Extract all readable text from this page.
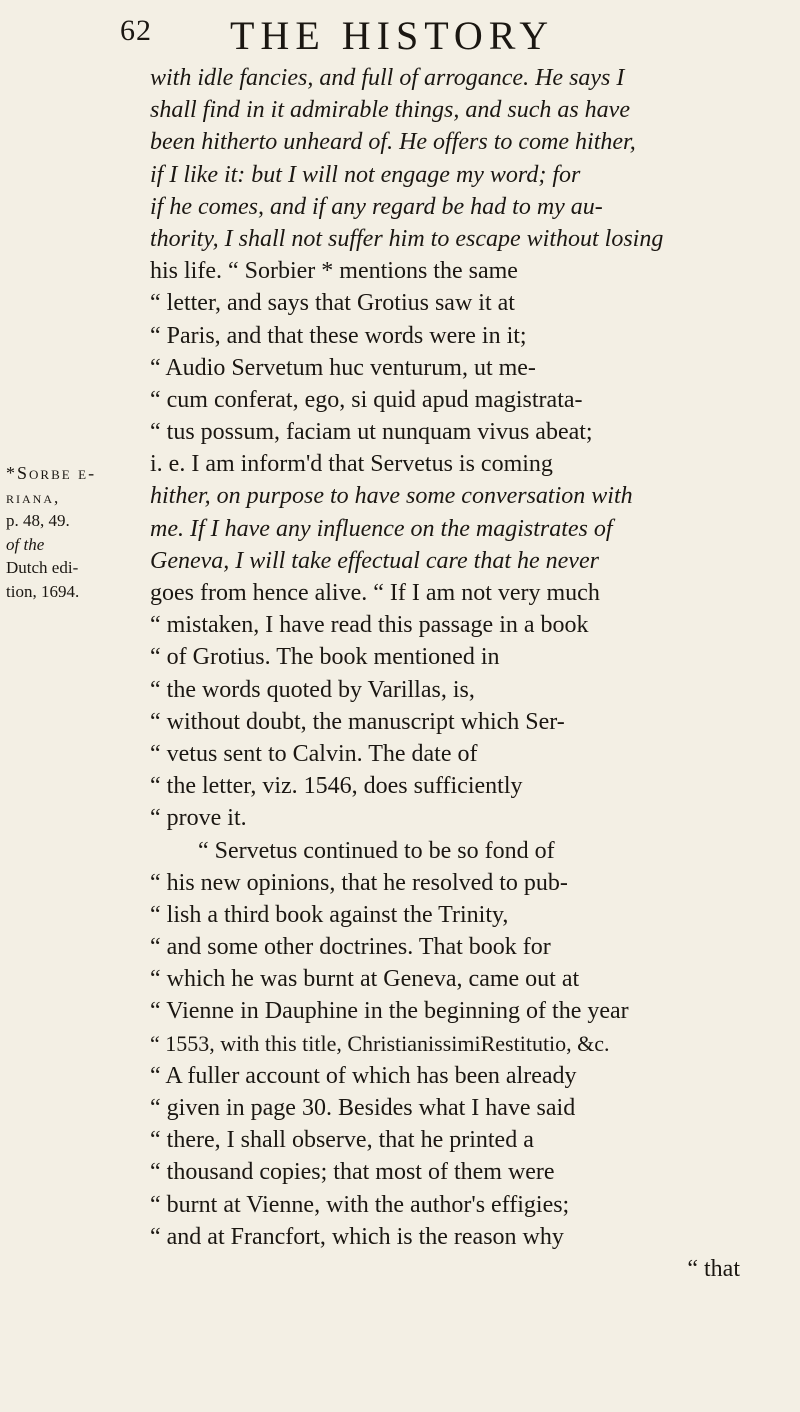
62 THE HISTORY
*Sorbe e-
riana,
p. 48, 49.
of the
Dutch edi-
tion, 1694.
with idle fancies, and full of arrogance. He says I
shall find in it admirable things, and such as have
been hitherto unheard of. He offers to come hither,
if I like it: but I will not engage my word; for
if he comes, and if any regard be had to my au-
thority, I shall not suffer him to escape without losing
his life. “ Sorbier * mentions the same
“ letter, and says that Grotius saw it at
“ Paris, and that these words were in it;
“ Audio Servetum huc venturum, ut me-
“ cum conferat, ego, si quid apud magistrata-
“ tus possum, faciam ut nunquam vivus abeat;
i. e. I am inform'd that Servetus is coming
hither, on purpose to have some conversation with
me. If I have any influence on the magistrates of
Geneva, I will take effectual care that he never
goes from hence alive. “ If I am not very much
“ mistaken, I have read this passage in a book
“ of Grotius. The book mentioned in
“ the words quoted by Varillas, is,
“ without doubt, the manuscript which Ser-
“ vetus sent to Calvin. The date of
“ the letter, viz. 1546, does sufficiently
“ prove it.
“ Servetus continued to be so fond of
“ his new opinions, that he resolved to pub-
“ lish a third book against the Trinity,
“ and some other doctrines. That book for
“ which he was burnt at Geneva, came out at
“ Vienne in Dauphine in the beginning of the year
“ 1553, with this title, ChristianissimiRestitutio, &c.
“ A fuller account of which has been already
“ given in page 30. Besides what I have said
“ there, I shall observe, that he printed a
“ thousand copies; that most of them were
“ burnt at Vienne, with the author's effigies;
“ and at Francfort, which is the reason why
“ that
